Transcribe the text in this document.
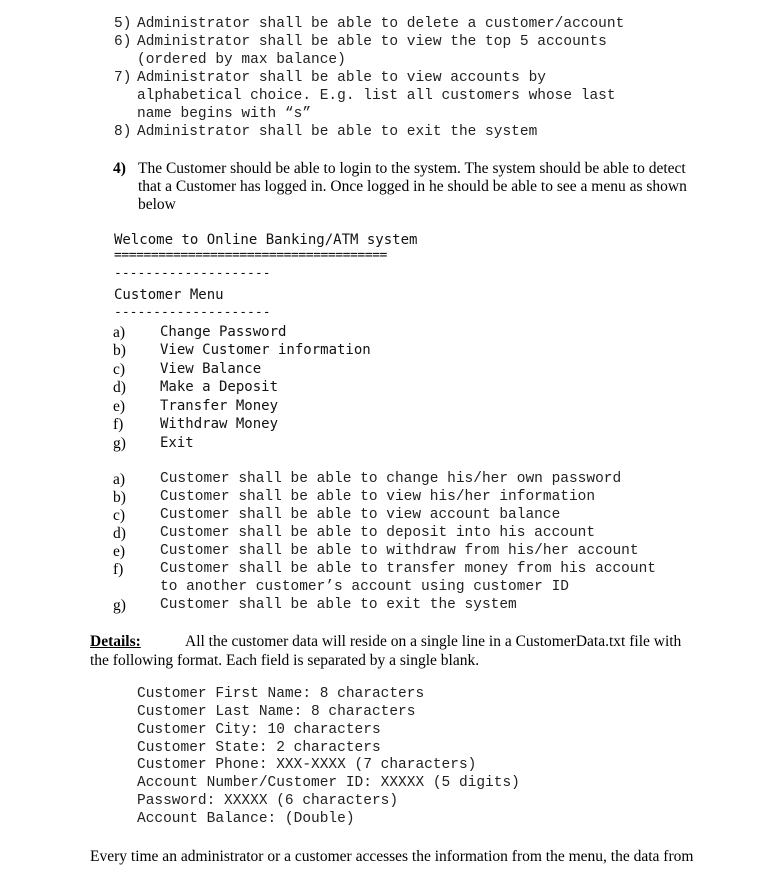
5) Administrator shall be able to delete a customer/account
6) Administrator shall be able to view the top 5 accounts
(ordered by max balance)
7) Administrator shall be able to view accounts by
alphabetical choice. E.g. list all customers whose last
name begins with “s”
8) Administrator shall be able to exit the system
4) The Customer should be able to login to the system. The system should be able to detect
that a Customer has logged in. Once logged in he should be able to see a menu as shown
below
Welcome to Online Banking/ATM system
=====================================
--------------------
Customer Menu
--------------------
a) Change Password
b) View Customer information
c) View Balance
d) Make a Deposit
e) Transfer Money
f)	Withdraw Money
g) Exit
a) Customer shall be able to change his/her own password
b) Customer shall be able to view his/her information
c) Customer shall be able to view account balance
d) Customer shall be able to deposit into his account
e) Customer shall be able to withdraw from his/her account
f)	Customer shall be able to transfer money from his account
to another customer’s account using customer ID
g) Customer shall be able to exit the system
Details:	All the customer data will reside on a single line in a CustomerData.txt file with
the following format. Each field is separated by a single blank.
Customer First Name: 8 characters
Customer Last Name: 8 characters
Customer City: 10 characters
Customer State: 2 characters
Customer Phone: XXX-XXXX (7 characters)
Account Number/Customer ID: XXXXX (5 digits)
Password: XXXXX (6 characters)
Account Balance: (Double)
Every time an administrator or a customer accesses the information from the menu, the data from
